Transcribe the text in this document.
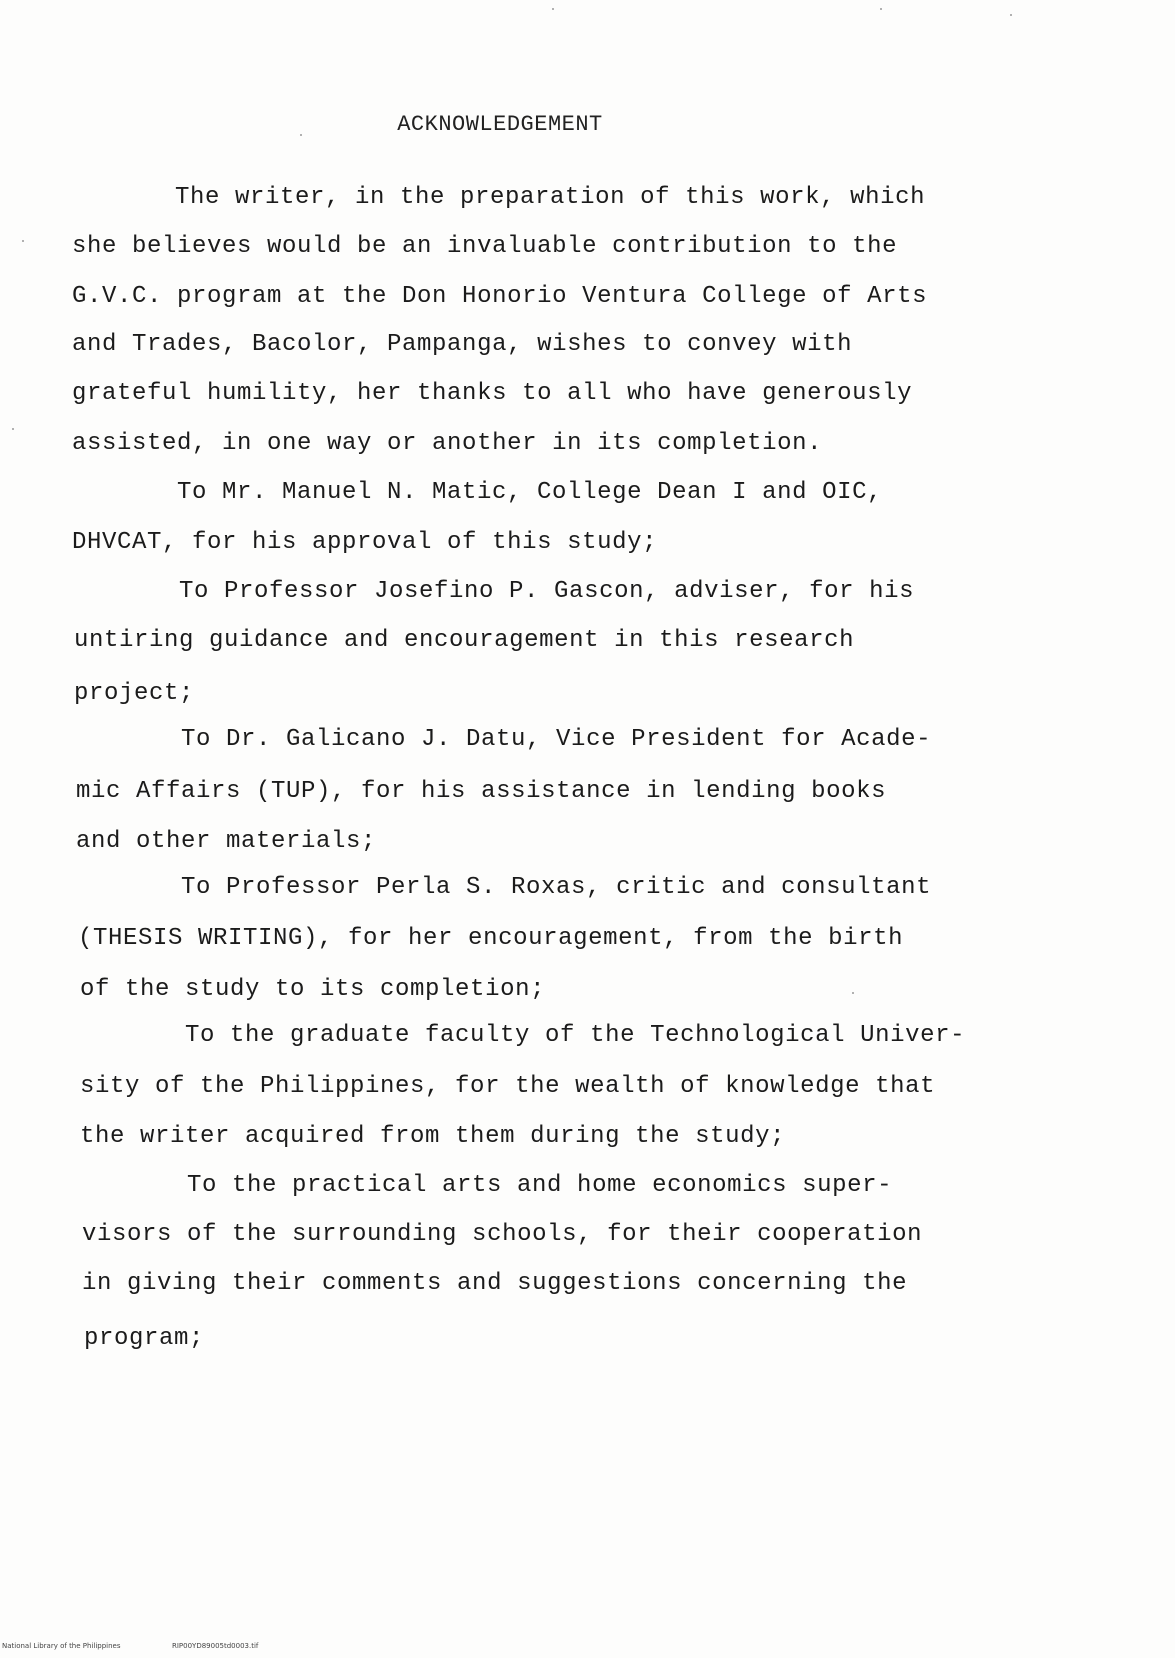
ACKNOWLEDGEMENT
The writer, in the preparation of this work, which
she believes would be an invaluable contribution to the
G.V.C. program at the Don Honorio Ventura College of Arts
and Trades, Bacolor, Pampanga, wishes to convey with
grateful humility, her thanks to all who have generously
assisted, in one way or another in its completion.
To Mr. Manuel N. Matic, College Dean I and OIC,
DHVCAT, for his approval of this study;
To Professor Josefino P. Gascon, adviser, for his
untiring guidance and encouragement in this research
project;
To Dr. Galicano J. Datu, Vice President for Acade-
mic Affairs (TUP), for his assistance in lending books
and other materials;
To Professor Perla S. Roxas, critic and consultant
(THESIS WRITING), for her encouragement, from the birth
of the study to its completion;
To the graduate faculty of the Technological Univer-
sity of the Philippines, for the wealth of knowledge that
the writer acquired from them during the study;
To the practical arts and home economics super-
visors of the surrounding schools, for their cooperation
in giving their comments and suggestions concerning the
program;
National Library of the Philippines	RIP00YD89005td0003.tif
